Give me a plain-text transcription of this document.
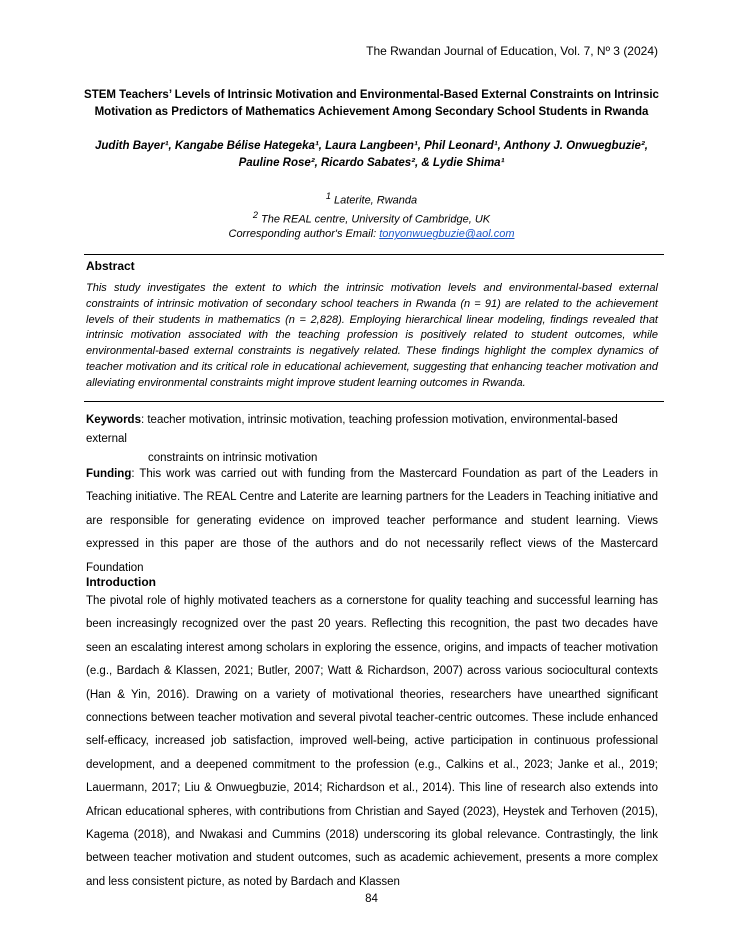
The Rwandan Journal of Education, Vol. 7, Nº 3 (2024)
STEM Teachers’ Levels of Intrinsic Motivation and Environmental-Based External Constraints on Intrinsic Motivation as Predictors of Mathematics Achievement Among Secondary School Students in Rwanda
Judith Bayer¹, Kangabe Bélise Hategeka¹, Laura Langbeen¹, Phil Leonard¹, Anthony J. Onwuegbuzie²,
Pauline Rose², Ricardo Sabates², & Lydie Shima¹
$^1$ Laterite, Rwanda
$^2$ The REAL centre, University of Cambridge, UK
Corresponding author's Email: tonyonwuegbuzie@aol.com
Abstract
This study investigates the extent to which the intrinsic motivation levels and environmental-based external constraints of intrinsic motivation of secondary school teachers in Rwanda (n = 91) are related to the achievement levels of their students in mathematics (n = 2,828). Employing hierarchical linear modeling, findings revealed that intrinsic motivation associated with the teaching profession is positively related to student outcomes, while environmental-based external constraints is negatively related. These findings highlight the complex dynamics of teacher motivation and its critical role in educational achievement, suggesting that enhancing teacher motivation and alleviating environmental constraints might improve student learning outcomes in Rwanda.
Keywords: teacher motivation, intrinsic motivation, teaching profession motivation, environmental-based external
constraints on intrinsic motivation
Funding: This work was carried out with funding from the Mastercard Foundation as part of the Leaders in Teaching initiative. The REAL Centre and Laterite are learning partners for the Leaders in Teaching initiative and are responsible for generating evidence on improved teacher performance and student learning. Views expressed in this paper are those of the authors and do not necessarily reflect views of the Mastercard Foundation
Introduction
The pivotal role of highly motivated teachers as a cornerstone for quality teaching and successful learning has been increasingly recognized over the past 20 years. Reflecting this recognition, the past two decades have seen an escalating interest among scholars in exploring the essence, origins, and impacts of teacher motivation (e.g., Bardach & Klassen, 2021; Butler, 2007; Watt & Richardson, 2007) across various sociocultural contexts (Han & Yin, 2016). Drawing on a variety of motivational theories, researchers have unearthed significant connections between teacher motivation and several pivotal teacher-centric outcomes. These include enhanced self-efficacy, increased job satisfaction, improved well-being, active participation in continuous professional development, and a deepened commitment to the profession (e.g., Calkins et al., 2023; Janke et al., 2019; Lauermann, 2017; Liu & Onwuegbuzie, 2014; Richardson et al., 2014). This line of research also extends into African educational spheres, with contributions from Christian and Sayed (2023), Heystek and Terhoven (2015), Kagema (2018), and Nwakasi and Cummins (2018) underscoring its global relevance. Contrastingly, the link between teacher motivation and student outcomes, such as academic achievement, presents a more complex and less consistent picture, as noted by Bardach and Klassen
84
